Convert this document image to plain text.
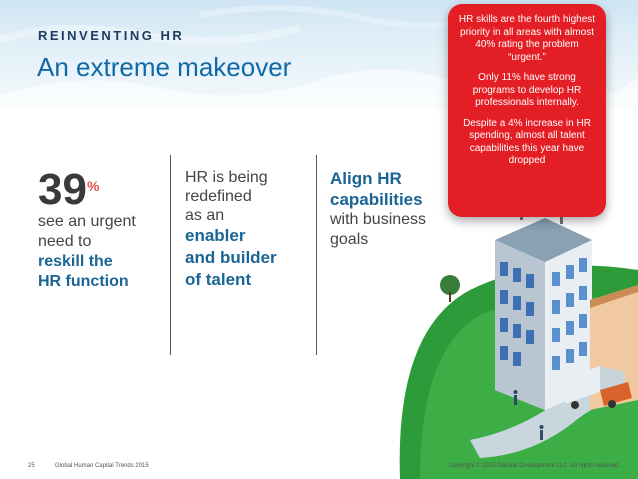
REINVENTING HR
An extreme makeover
39%
see an urgent
need to
reskill the
HR function
HR is being
redefined
as an
enabler
and builder
of talent
Align HR
capabilities
with business
goals

HR skills are the fourth highest priority in all areas with almost 40% rating the problem “urgent.”

Only 11% have strong programs to develop HR professionals internally.

Despite a 4% increase in HR spending, almost all talent capabilities this year have dropped

25	Global Human Capital Trends 2015	Copyright © 2015 Deloitte Development LLC. All rights reserved.
